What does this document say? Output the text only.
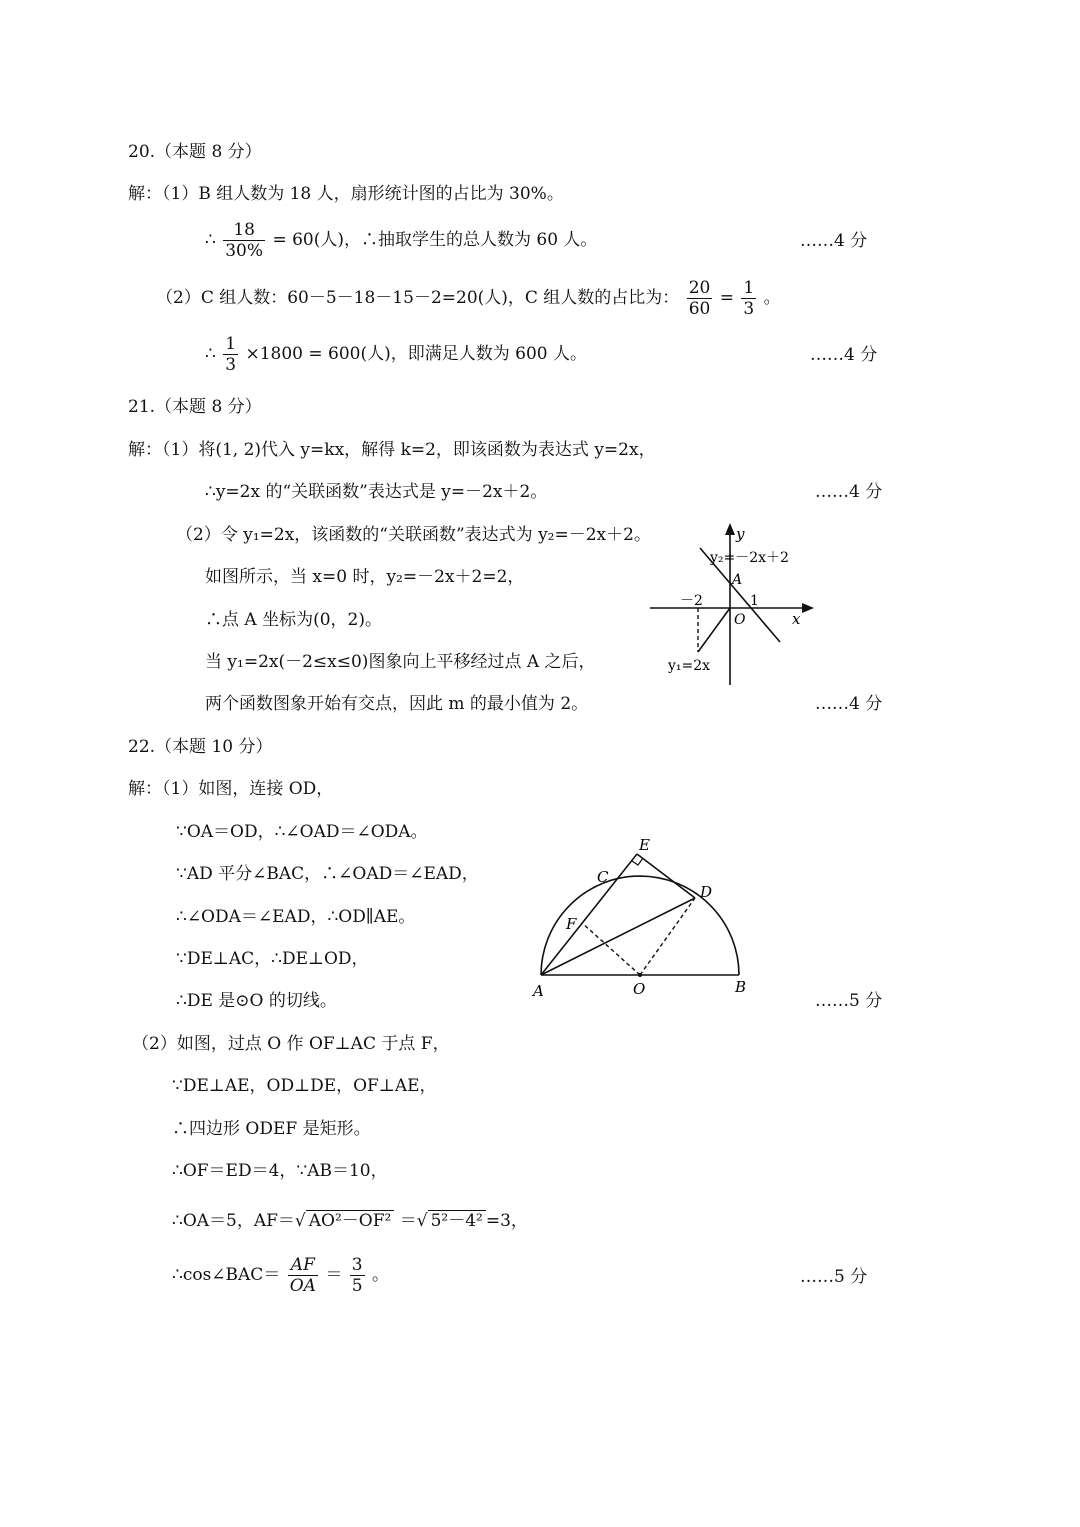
20.（本题 8 分）
解：（1）B 组人数为 18 人，扇形统计图的占比为 30%。
∴ $\frac{18}{30\%} = 60$(人)，∴抽取学生的总人数为 60 人。	……4 分
（2）C 组人数：60－5－18－15－2=20(人)，C 组人数的占比为： $\frac{20}{60} = \frac{1}{3}$ 。
∴ $\frac{1}{3} \times 1800 = 600$(人)，即满足人数为 600 人。	……4 分
21.（本题 8 分）
解：（1）将(1, 2)代入 y=kx，解得 k=2，即该函数为表达式 y=2x，
∴y=2x 的“关联函数”表达式是 y=－2x＋2。	……4 分
（2）令 y₁=2x，该函数的“关联函数”表达式为 y₂=－2x＋2。
如图所示，当 x=0 时，y₂=－2x＋2=2，
∴点 A 坐标为(0，2)。
当 y₁=2x(－2≤x≤0)图象向上平移经过点 A 之后，
两个函数图象开始有交点，因此 m 的最小值为 2。	……4 分
y
y₂=－2x＋2
A
－2	1
O	x
y₁=2x
22.（本题 10 分）
解：（1）如图，连接 OD，
∵OA＝OD，∴∠OAD＝∠ODA。
∵AD 平分∠BAC，∴∠OAD＝∠EAD，
∴∠ODA＝∠EAD，∴OD∥AE。
∵DE⊥AC，∴DE⊥OD，
∴DE 是⊙O 的切线。	……5 分
（2）如图，过点 O 作 OF⊥AC 于点 F，
∵DE⊥AE，OD⊥DE，OF⊥AE，
∴四边形 ODEF 是矩形。
∴OF＝ED＝4，∵AB＝10，
∴OA＝5，AF＝√ AO²－OF² ＝√ 5²－4² =3，
∴cos∠BAC＝ $\frac{AF}{OA} = \frac{3}{5}$ 。	……5 分
E
C
D
F
A	O	B
